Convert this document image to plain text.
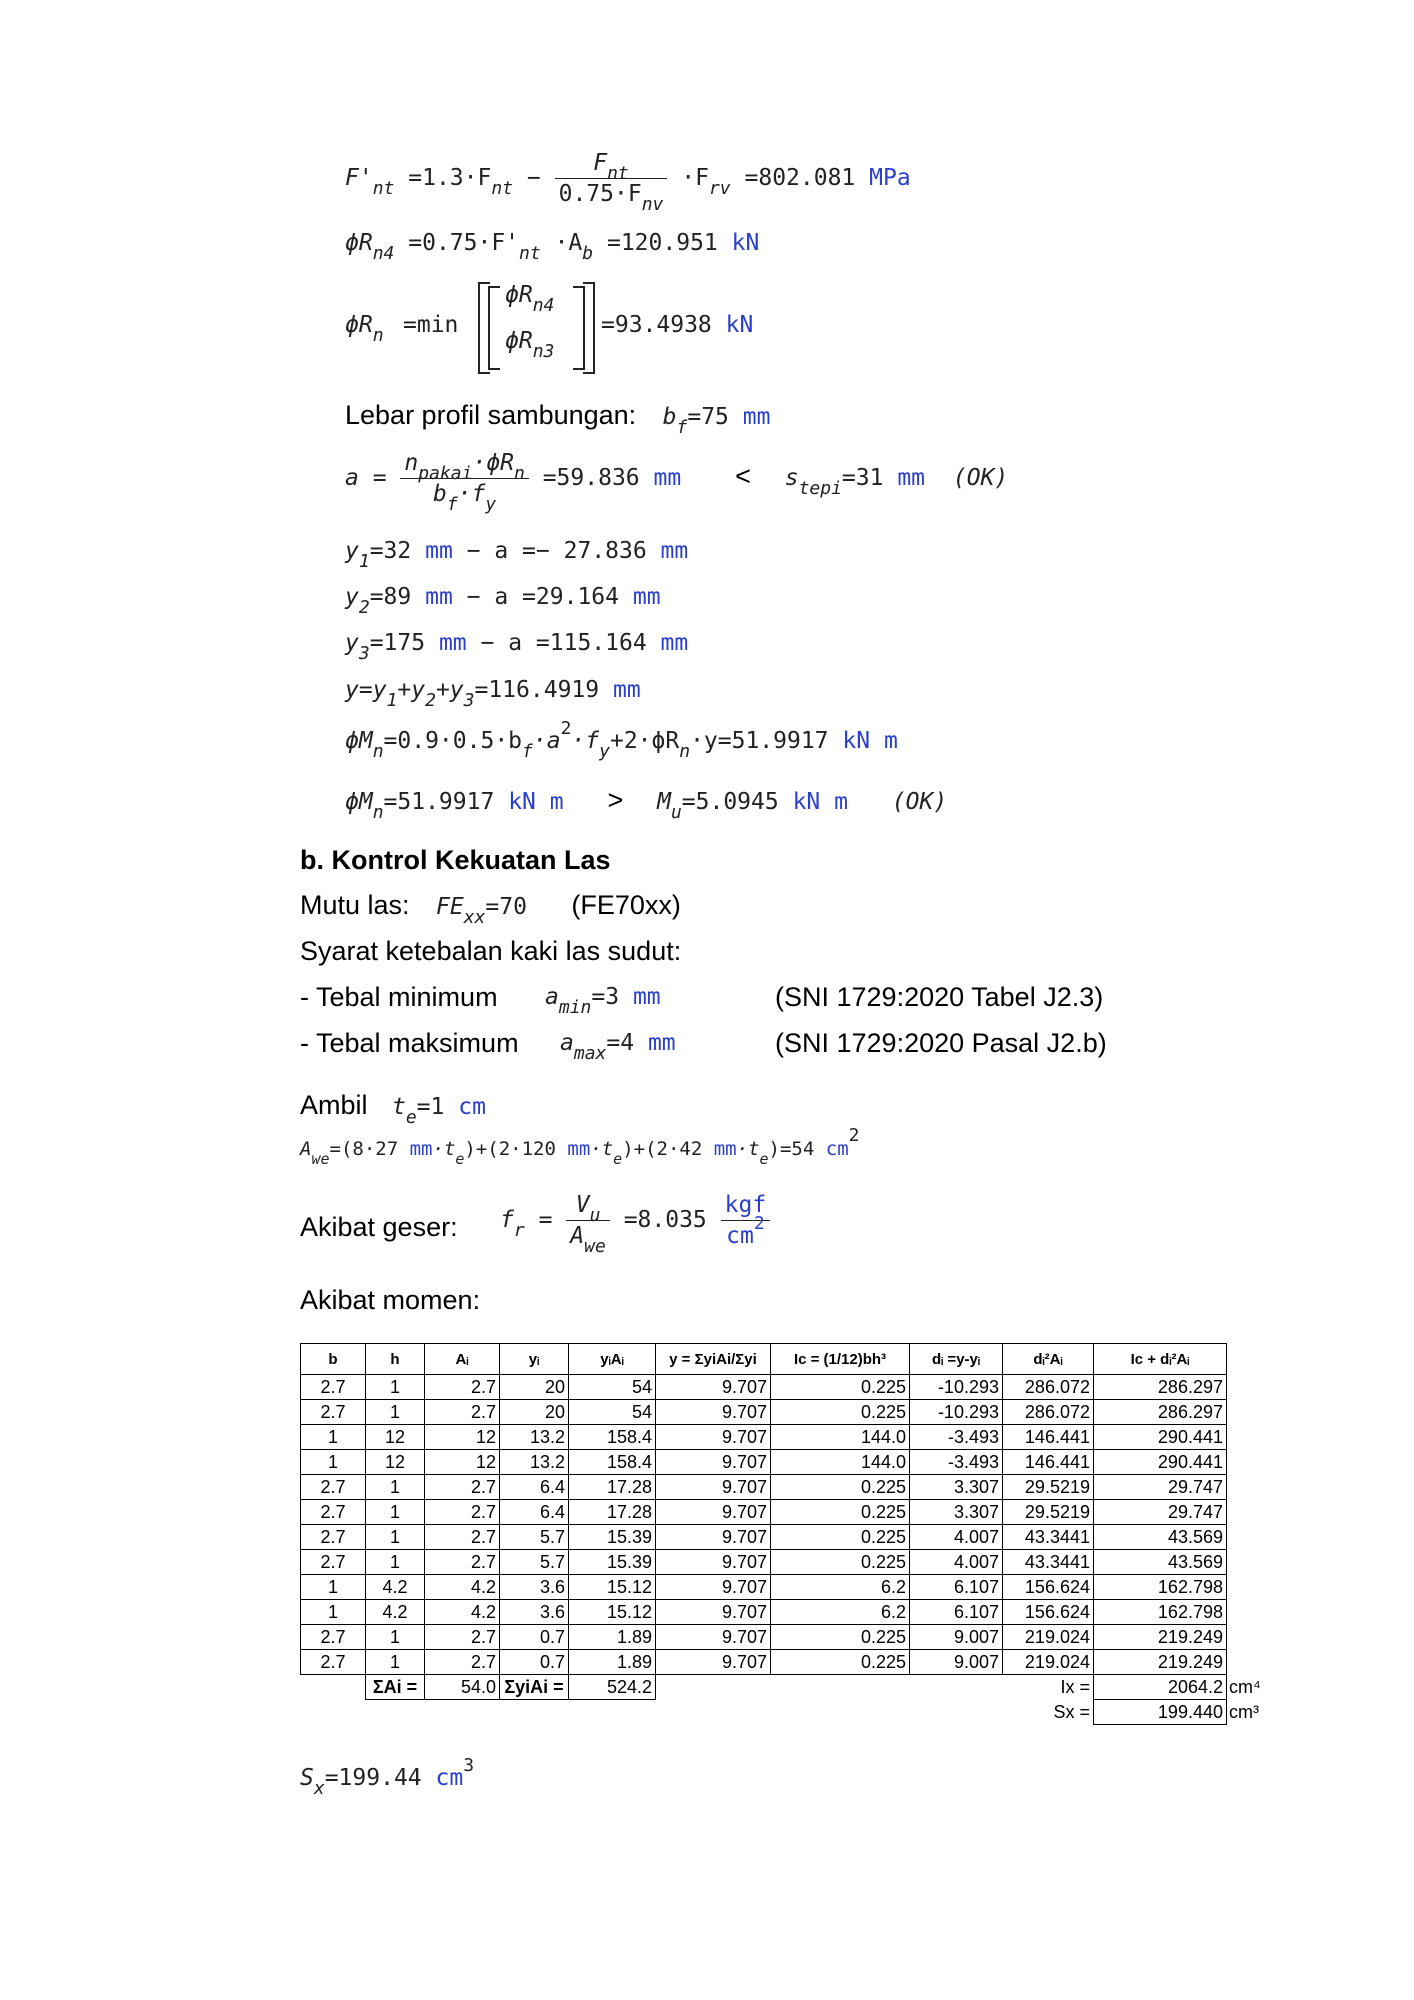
$F'_{nt} =1.3\cdot F_{nt} - \frac{F_{nt}}{0.75\cdot F_{nv}} \cdot F_{rv} =802.081$ MPa
$\phi R_{n4} =0.75\cdot F'_{nt} \cdot A_b =120.951$ kN
$\phi R_n =\min$
$\phi R_{n4}$
$\phi R_{n3}$
=93.4938 kN
Lebar profil sambungan: $b_f=75$ mm
$a = \frac{n_{pakai}\cdot\phi R_n}{b_f\cdot f_y} =59.836$ mm < $s_{tepi}=31$ mm (OK)
$y_1=32$ mm − a =− 27.836 mm
$y_2=89$ mm − a =29.164 mm
$y_3=175$ mm − a =115.164 mm
$y=y_1+y_2+y_3=116.4919$ mm
$\phi M_n=0.9\cdot 0.5\cdot b_f\cdot a^2\cdot f_y+2\cdot\phi R_n\cdot y=51.9917$ kN m
$\phi M_n=51.9917$ kN $m > M_u=5.0945$ kN m (OK)
b. Kontrol Kekuatan Las
Mutu las: $FE_{xx}=70$ (FE70xx)
Syarat ketebalan kaki las sudut:
- Tebal minimum $a_{min}=3$ mm	(SNI 1729:2020 Tabel J2.3)
- Tebal maksimum $a_{max}=4$ mm	(SNI 1729:2020 Pasal J2.b)
Ambil $t_e=1$ cm
$A_{we}=(8\cdot 27$ $mm\cdot t_e)+(2\cdot 120$ $mm\cdot t_e)+(2\cdot 42$ $mm\cdot t_e)=54$ cm2
Akibat geser: $f_r = \frac{V_u}{A_{we}} =8.035 \frac{\text{kgf}}{cm^2}$
Akibat momen:
b	h	Aᵢ	yᵢ	yᵢAᵢ	y = ΣyiAi/Σyi	Ic = (1/12)bh³	dᵢ =y-yᵢ	dᵢ²Aᵢ	Ic + dᵢ²Aᵢ	
2.7	1	2.7	20	54	9.707	0.225	-10.293	286.072	286.297	
2.7	1	2.7	20	54	9.707	0.225	-10.293	286.072	286.297	
1	12	12	13.2	158.4	9.707	144.0	-3.493	146.441	290.441	
1	12	12	13.2	158.4	9.707	144.0	-3.493	146.441	290.441	
2.7	1	2.7	6.4	17.28	9.707	0.225	3.307	29.5219	29.747	
2.7	1	2.7	6.4	17.28	9.707	0.225	3.307	29.5219	29.747	
2.7	1	2.7	5.7	15.39	9.707	0.225	4.007	43.3441	43.569	
2.7	1	2.7	5.7	15.39	9.707	0.225	4.007	43.3441	43.569	
1	4.2	4.2	3.6	15.12	9.707	6.2	6.107	156.624	162.798	
1	4.2	4.2	3.6	15.12	9.707	6.2	6.107	156.624	162.798	
2.7	1	2.7	0.7	1.89	9.707	0.225	9.007	219.024	219.249	
2.7	1	2.7	0.7	1.89	9.707	0.225	9.007	219.024	219.249	
	ΣAi =	54.0	ΣyiAi =	524.2				Ix =	2064.2	cm⁴
								Sx =	199.440	cm³
$S_x=199.44$ $cm^3$
